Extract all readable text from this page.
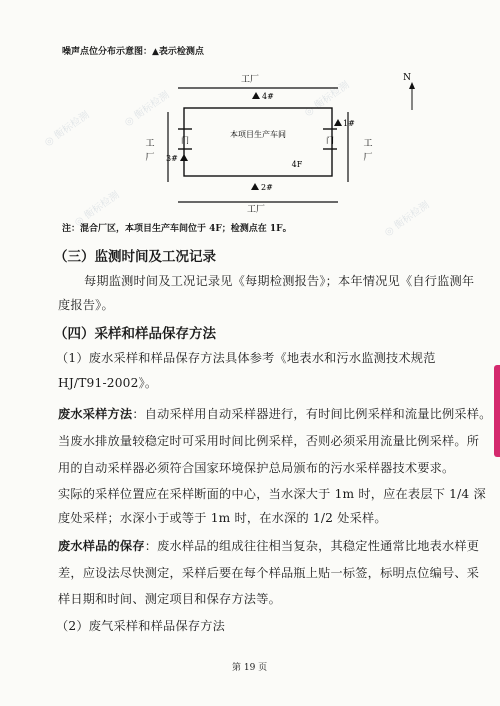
◎ 衡标检测
◎ 衡标检测
◎ 衡标检测	◎ 衡标检测
◎ 衡标检测
噪声点位分布示意图：▲表示检测点
工厂
工厂
工
厂
工
厂
本项目生产车间
4F
门	门
4#
1#
3#
2#
N
注：混合厂区，本项目生产车间位于 4F；检测点在 1F。
（三）监测时间及工况记录
每期监测时间及工况记录见《每期检测报告》；本年情况见《自行监测年
度报告》。
（四）采样和样品保存方法
（1）废水采样和样品保存方法具体参考《地表水和污水监测技术规范
HJ/T91-2002》。
废水采样方法：自动采样用自动采样器进行，有时间比例采样和流量比例采样。
当废水排放量较稳定时可采用时间比例采样，否则必须采用流量比例采样。所
用的自动采样器必须符合国家环境保护总局颁布的污水采样器技术要求。
实际的采样位置应在采样断面的中心，当水深大于 1m 时，应在表层下 1/4 深
度处采样；水深小于或等于 1m 时，在水深的 1/2 处采样。
废水样品的保存：废水样品的组成往往相当复杂，其稳定性通常比地表水样更
差，应设法尽快测定，采样后要在每个样品瓶上贴一标签，标明点位编号、采
样日期和时间、测定项目和保存方法等。
（2）废气采样和样品保存方法
第 19 页
